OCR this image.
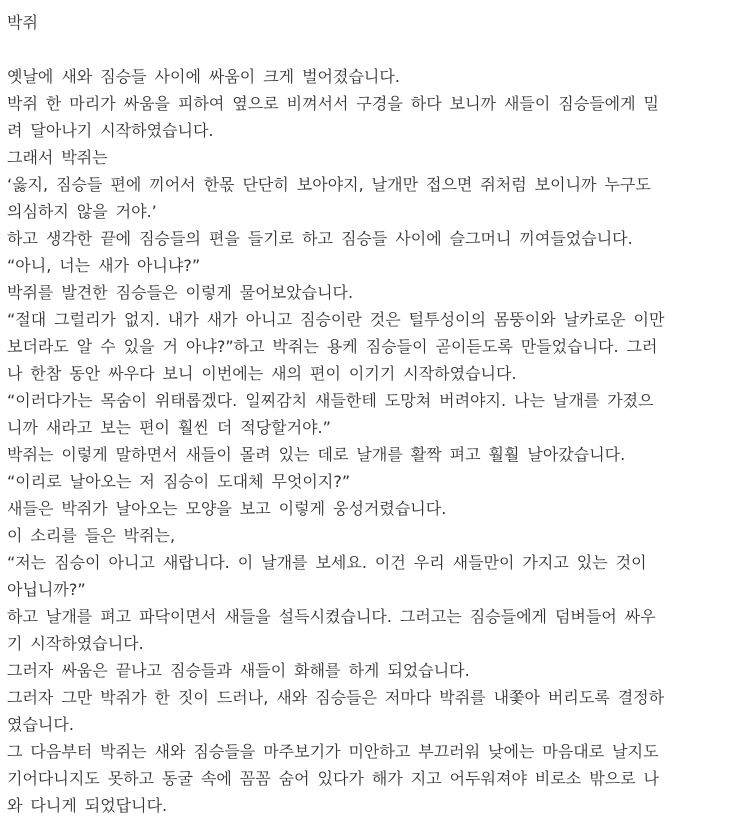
박쥐
옛날에 새와 짐승들 사이에 싸움이 크게 벌어졌습니다.
박쥐 한 마리가 싸움을 피하여 옆으로 비껴서서 구경을 하다 보니까 새들이 짐승들에게 밀
려 달아나기 시작하였습니다.
그래서 박쥐는
‘옳지, 짐승들 편에 끼어서 한몫 단단히 보아야지, 날개만 접으면 쥐처럼 보이니까 누구도
의심하지 않을 거야.’
하고 생각한 끝에 짐승들의 편을 들기로 하고 짐승들 사이에 슬그머니 끼여들었습니다.
“아니, 너는 새가 아니냐?”
박쥐를 발견한 짐승들은 이렇게 물어보았습니다.
“절대 그럴리가 없지. 내가 새가 아니고 짐승이란 것은 털투성이의 몸뚱이와 날카로운 이만
보더라도 알 수 있을 거 아냐?”하고 박쥐는 용케 짐승들이 곧이듣도록 만들었습니다. 그러
나 한참 동안 싸우다 보니 이번에는 새의 편이 이기기 시작하였습니다.
“이러다가는 목숨이 위태롭겠다. 일찌감치 새들한테 도망쳐 버려야지. 나는 날개를 가졌으
니까 새라고 보는 편이 훨씬 더 적당할거야.”
박쥐는 이렇게 말하면서 새들이 몰려 있는 데로 날개를 활짝 펴고 훨훨 날아갔습니다.
“이리로 날아오는 저 짐승이 도대체 무엇이지?”
새들은 박쥐가 날아오는 모양을 보고 이렇게 웅성거렸습니다.
이 소리를 들은 박쥐는,
“저는 짐승이 아니고 새랍니다. 이 날개를 보세요. 이건 우리 새들만이 가지고 있는 것이
아닙니까?”
하고 날개를 펴고 파닥이면서 새들을 설득시켰습니다. 그러고는 짐승들에게 덤벼들어 싸우
기 시작하였습니다.
그러자 싸움은 끝나고 짐승들과 새들이 화해를 하게 되었습니다.
그러자 그만 박쥐가 한 짓이 드러나, 새와 짐승들은 저마다 박쥐를 내쫓아 버리도록 결정하
였습니다.
그 다음부터 박쥐는 새와 짐승들을 마주보기가 미안하고 부끄러워 낮에는 마음대로 날지도
기어다니지도 못하고 동굴 속에 꼼꼼 숨어 있다가 해가 지고 어두워져야 비로소 밖으로 나
와 다니게 되었답니다.
